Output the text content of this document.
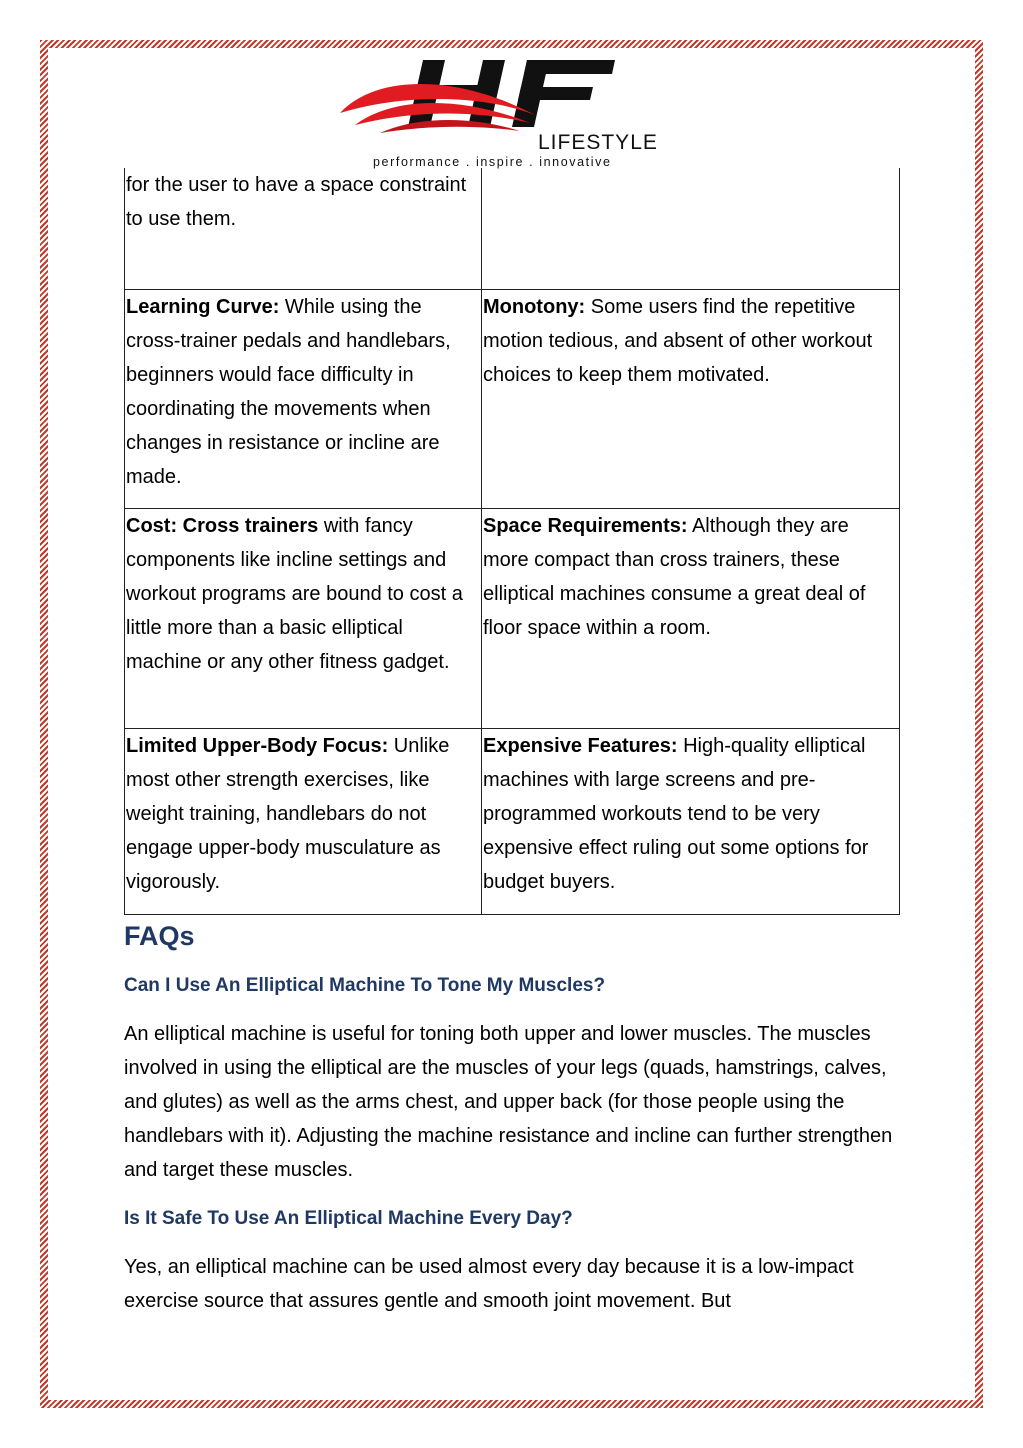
LIFESTYLE
performance . inspire . innovative
for the user to have a space constraint to use them.	
Learning Curve: While using the cross-trainer pedals and handlebars, beginners would face difficulty in coordinating the movements when changes in resistance or incline are made.	Monotony: Some users find the repetitive motion tedious, and absent of other workout choices to keep them motivated.
Cost: Cross trainers with fancy components like incline settings and workout programs are bound to cost a little more than a basic elliptical machine or any other fitness gadget.	Space Requirements: Although they are more compact than cross trainers, these elliptical machines consume a great deal of floor space within a room.
Limited Upper-Body Focus: Unlike most other strength exercises, like weight training, handlebars do not engage upper-body musculature as vigorously.	Expensive Features: High-quality elliptical machines with large screens and pre-programmed workouts tend to be very expensive effect ruling out some options for budget buyers.
FAQs
Can I Use An Elliptical Machine To Tone My Muscles?

An elliptical machine is useful for toning both upper and lower muscles. The muscles involved in using the elliptical are the muscles of your legs (quads, hamstrings, calves, and glutes) as well as the arms chest, and upper back (for those people using the handlebars with it). Adjusting the machine resistance and incline can further strengthen and target these muscles.

Is It Safe To Use An Elliptical Machine Every Day?

Yes, an elliptical machine can be used almost every day because it is a low-impact exercise source that assures gentle and smooth joint movement. But
